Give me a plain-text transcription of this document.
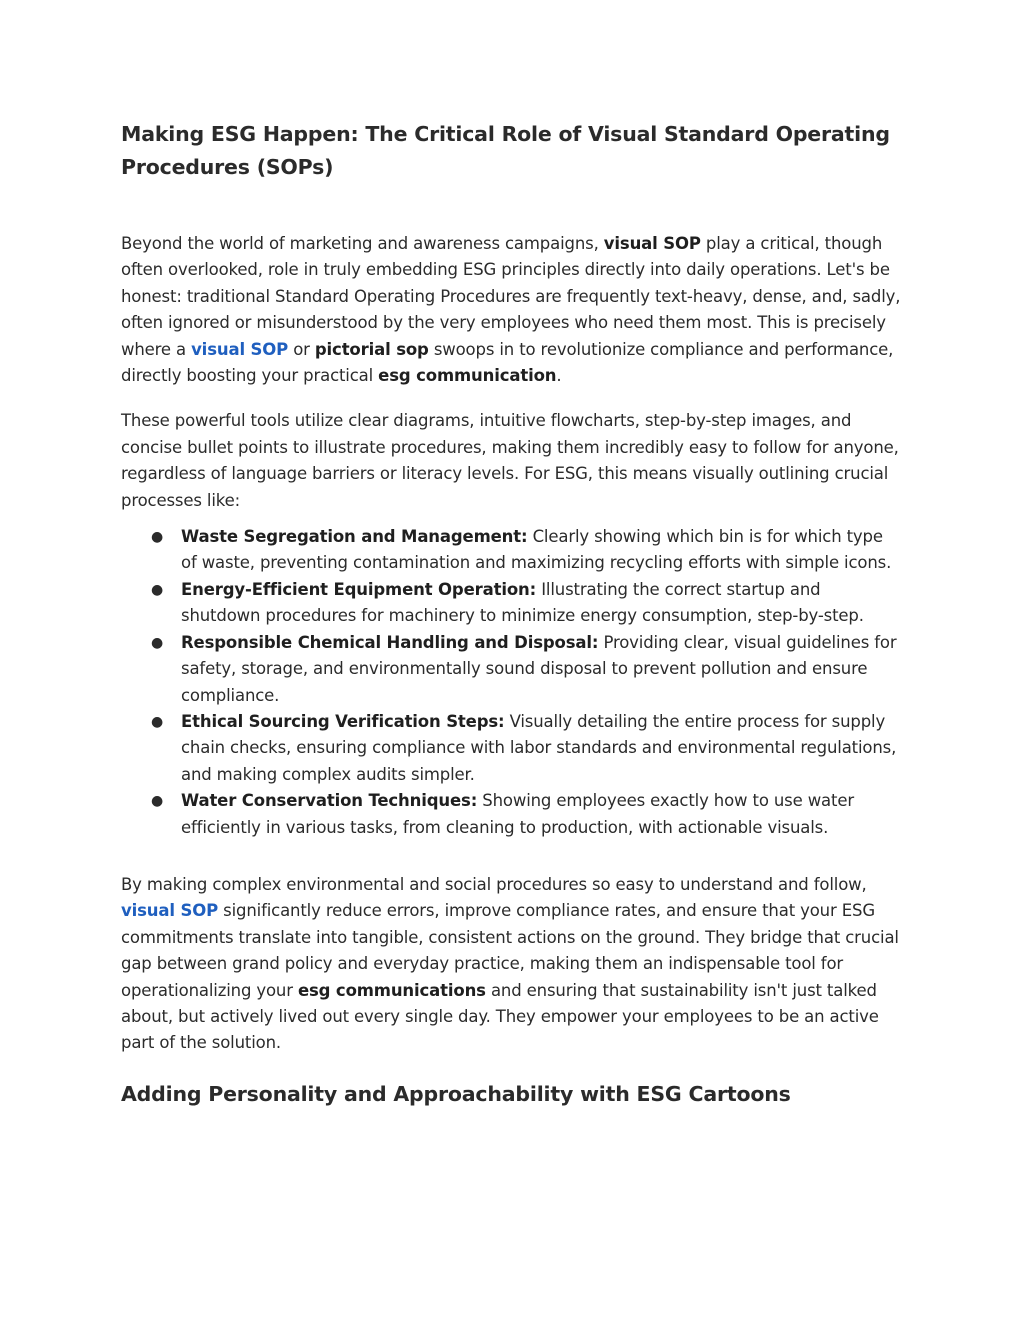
Making ESG Happen: The Critical Role of Visual Standard Operating Procedures (SOPs)

Beyond the world of marketing and awareness campaigns, visual SOP play a critical, though often overlooked, role in truly embedding ESG principles directly into daily operations. Let's be honest: traditional Standard Operating Procedures are frequently text-heavy, dense, and, sadly, often ignored or misunderstood by the very employees who need them most. This is precisely where a visual SOP or pictorial sop swoops in to revolutionize compliance and performance, directly boosting your practical esg communication.

These powerful tools utilize clear diagrams, intuitive flowcharts, step-by-step images, and concise bullet points to illustrate procedures, making them incredibly easy to follow for anyone, regardless of language barriers or literacy levels. For ESG, this means visually outlining crucial processes like:

● Waste Segregation and Management: Clearly showing which bin is for which type of waste, preventing contamination and maximizing recycling efforts with simple icons.
● Energy-Efficient Equipment Operation: Illustrating the correct startup and shutdown procedures for machinery to minimize energy consumption, step-by-step.
● Responsible Chemical Handling and Disposal: Providing clear, visual guidelines for safety, storage, and environmentally sound disposal to prevent pollution and ensure compliance.
● Ethical Sourcing Verification Steps: Visually detailing the entire process for supply chain checks, ensuring compliance with labor standards and environmental regulations, and making complex audits simpler.
● Water Conservation Techniques: Showing employees exactly how to use water efficiently in various tasks, from cleaning to production, with actionable visuals.

By making complex environmental and social procedures so easy to understand and follow, visual SOP significantly reduce errors, improve compliance rates, and ensure that your ESG commitments translate into tangible, consistent actions on the ground. They bridge that crucial gap between grand policy and everyday practice, making them an indispensable tool for operationalizing your esg communications and ensuring that sustainability isn't just talked about, but actively lived out every single day. They empower your employees to be an active part of the solution.

Adding Personality and Approachability with ESG Cartoons
